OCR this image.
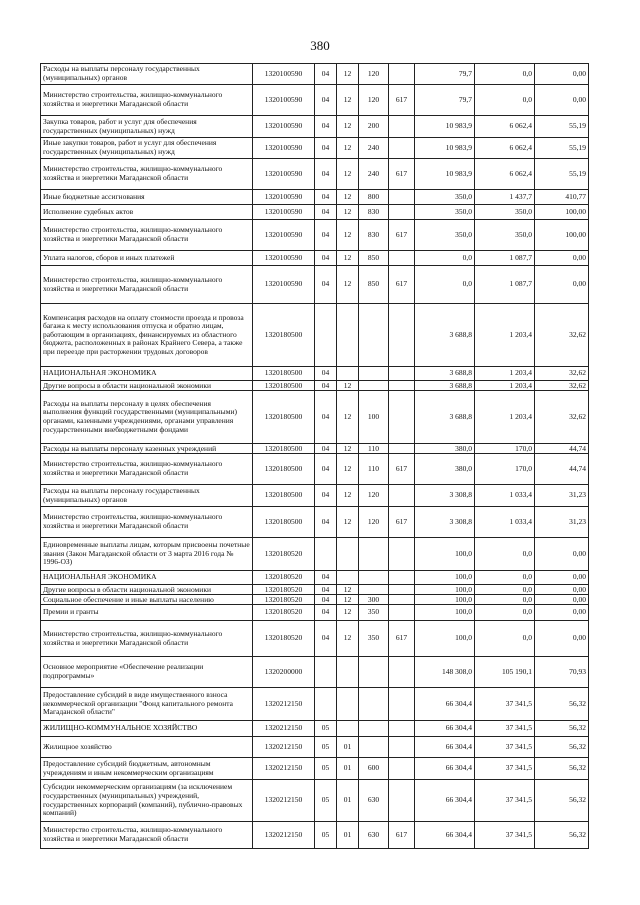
380
Расходы на выплаты персоналу государственных (муниципальных) органов	1320100590	04	12	120		79,7	0,0	0,00
Министерство строительства, жилищно-коммунального хозяйства и энергетики Магаданской области	1320100590	04	12	120	617	79,7	0,0	0,00
Закупка товаров, работ и услуг для обеспечения государственных (муниципальных) нужд	1320100590	04	12	200		10 983,9	6 062,4	55,19
Иные закупки товаров, работ и услуг для обеспечения государственных (муниципальных) нужд	1320100590	04	12	240		10 983,9	6 062,4	55,19
Министерство строительства, жилищно-коммунального хозяйства и энергетики Магаданской области	1320100590	04	12	240	617	10 983,9	6 062,4	55,19
Иные бюджетные ассигнования	1320100590	04	12	800		350,0	1 437,7	410,77
Исполнение судебных актов	1320100590	04	12	830		350,0	350,0	100,00
Министерство строительства, жилищно-коммунального хозяйства и энергетики Магаданской области	1320100590	04	12	830	617	350,0	350,0	100,00
Уплата налогов, сборов и иных платежей	1320100590	04	12	850		0,0	1 087,7	0,00
Министерство строительства, жилищно-коммунального хозяйства и энергетики Магаданской области	1320100590	04	12	850	617	0,0	1 087,7	0,00
Компенсация расходов на оплату стоимости проезда и провоза багажа к месту использования отпуска и обратно лицам, работающим в организациях, финансируемых из областного бюджета, расположенных в районах Крайнего Севера, а также при переезде при расторжении трудовых договоров	1320180500					3 688,8	1 203,4	32,62
НАЦИОНАЛЬНАЯ ЭКОНОМИКА	1320180500	04				3 688,8	1 203,4	32,62
Другие вопросы в области национальной экономики	1320180500	04	12			3 688,8	1 203,4	32,62
Расходы на выплаты персоналу в целях обеспечения выполнения функций государственными (муниципальными) органами, казенными учреждениями, органами управления государственными внебюджетными фондами	1320180500	04	12	100		3 688,8	1 203,4	32,62
Расходы на выплаты персоналу казенных учреждений	1320180500	04	12	110		380,0	170,0	44,74
Министерство строительства, жилищно-коммунального хозяйства и энергетики Магаданской области	1320180500	04	12	110	617	380,0	170,0	44,74
Расходы на выплаты персоналу государственных (муниципальных) органов	1320180500	04	12	120		3 308,8	1 033,4	31,23
Министерство строительства, жилищно-коммунального хозяйства и энергетики Магаданской области	1320180500	04	12	120	617	3 308,8	1 033,4	31,23
Единовременные выплаты лицам, которым присвоены почетные звания (Закон Магаданской области от 3 марта 2016 года № 1996-ОЗ)	1320180520					100,0	0,0	0,00
НАЦИОНАЛЬНАЯ ЭКОНОМИКА	1320180520	04				100,0	0,0	0,00
Другие вопросы в области национальной экономики	1320180520	04	12			100,0	0,0	0,00
Социальное обеспечение и иные выплаты населению	1320180520	04	12	300		100,0	0,0	0,00
Премии и гранты	1320180520	04	12	350		100,0	0,0	0,00
Министерство строительства, жилищно-коммунального хозяйства и энергетики Магаданской области	1320180520	04	12	350	617	100,0	0,0	0,00
Основное мероприятие «Обеспечение реализации подпрограммы»	1320200000					148 308,0	105 190,1	70,93
Предоставление субсидий в виде имущественного взноса некоммерческой организации "Фонд капитального ремонта Магаданской области"	1320212150					66 304,4	37 341,5	56,32
ЖИЛИЩНО-КОММУНАЛЬНОЕ ХОЗЯЙСТВО	1320212150	05				66 304,4	37 341,5	56,32
Жилищное хозяйство	1320212150	05	01			66 304,4	37 341,5	56,32
Предоставление субсидий бюджетным, автономным учреждениям и иным некоммерческим организациям	1320212150	05	01	600		66 304,4	37 341,5	56,32
Субсидии некоммерческим организациям (за исключением государственных (муниципальных) учреждений, государственных корпораций (компаний), публично-правовых компаний)	1320212150	05	01	630		66 304,4	37 341,5	56,32
Министерство строительства, жилищно-коммунального хозяйства и энергетики Магаданской области	1320212150	05	01	630	617	66 304,4	37 341,5	56,32
